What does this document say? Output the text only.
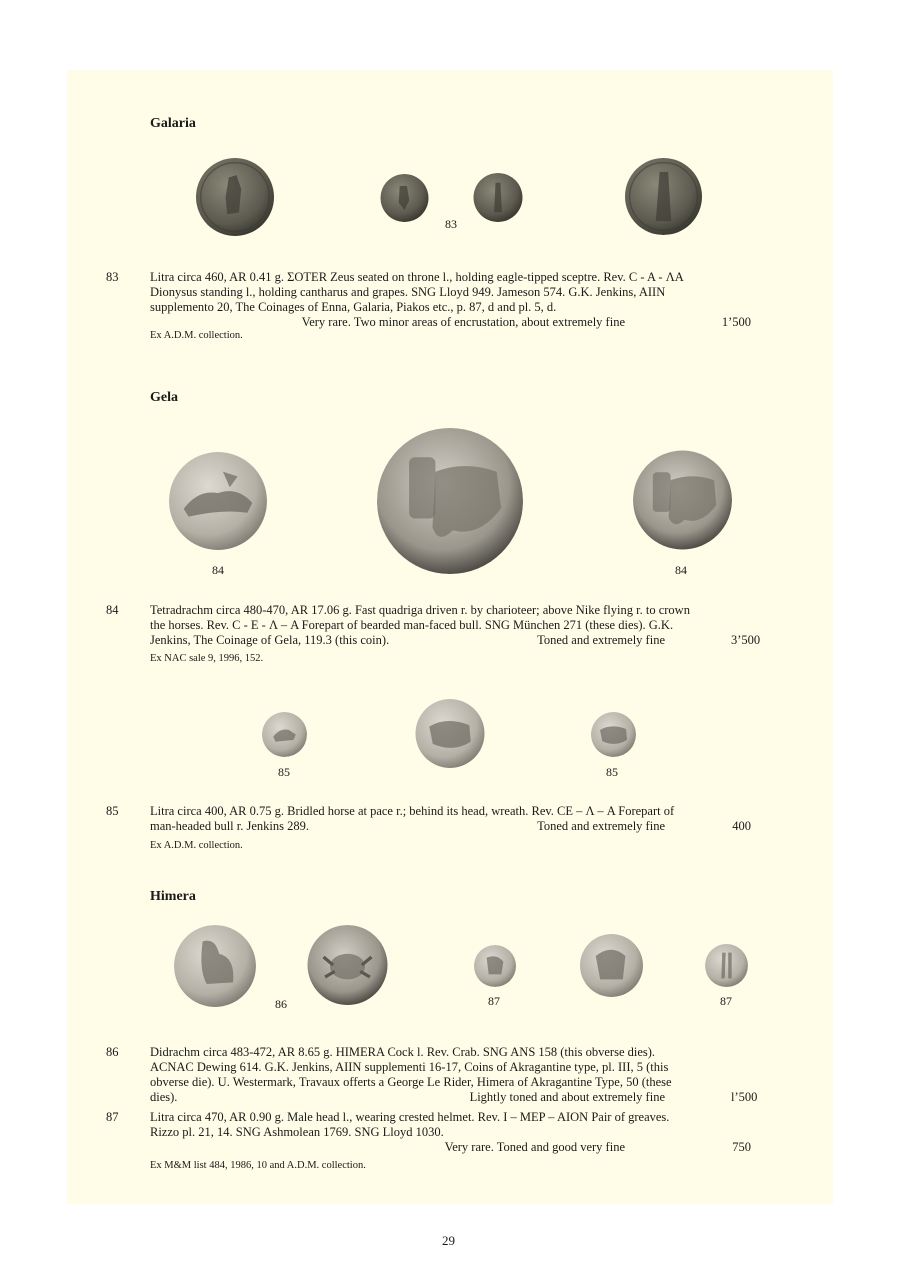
Galaria
83
83	Litra circa 460, AR 0.41 g. ΣOTER Zeus seated on throne l., holding eagle-tipped sceptre. Rev. C - A - ΛA
Dionysus standing l., holding cantharus and grapes. SNG Lloyd 949. Jameson 574. G.K. Jenkins, AIIN
supplemento 20, The Coinages of Enna, Galaria, Piakos etc., p. 87, d and pl. 5, d.
Very rare. Two minor areas of encrustation, about extremely fine	1’500
Ex A.D.M. collection.
Gela
84	84
84	Tetradrachm circa 480-470, AR 17.06 g. Fast quadriga driven r. by charioteer; above Nike flying r. to crown
the horses. Rev. C - E - Λ – A Forepart of bearded man-faced bull. SNG München 271 (these dies). G.K.
Jenkins, The Coinage of Gela, 119.3 (this coin).	Toned and extremely fine	3’500
Ex NAC sale 9, 1996, 152.
85	85
85	Litra circa 400, AR 0.75 g. Bridled horse at pace r.; behind its head, wreath. Rev. CE – Λ – A Forepart of
man-headed bull r. Jenkins 289.	Toned and extremely fine	400
Ex A.D.M. collection.
Himera
86	87	87
86	Didrachm circa 483-472, AR 8.65 g. HIMERA Cock l. Rev. Crab. SNG ANS 158 (this obverse dies).
ACNAC Dewing 614. G.K. Jenkins, AIIN supplementi 16-17, Coins of Akragantine type, pl. III, 5 (this
obverse die). U. Westermark, Travaux offerts a George Le Rider, Himera of Akragantine Type, 50 (these
dies).	Lightly toned and about extremely fine	l’500
87	Litra circa 470, AR 0.90 g. Male head l., wearing crested helmet. Rev. I – MEP – AION Pair of greaves.
Rizzo pl. 21, 14. SNG Ashmolean 1769. SNG Lloyd 1030.
Very rare. Toned and good very fine	750
Ex M&M list 484, 1986, 10 and A.D.M. collection.
29
